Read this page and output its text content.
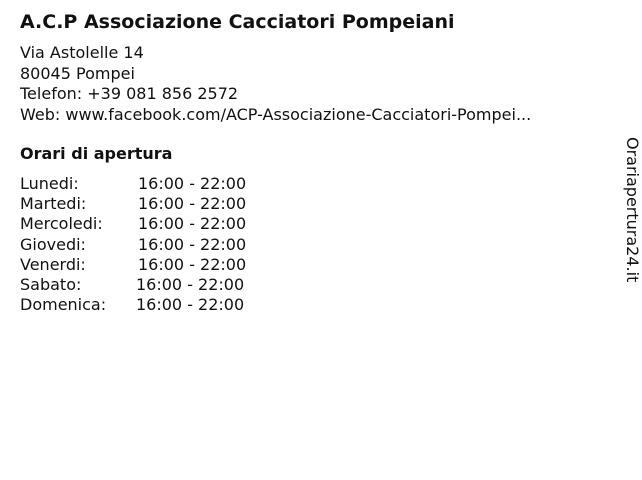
A.C.P Associazione Cacciatori Pompeiani
Via Astolelle 14
80045 Pompei
Telefon: +39 081 856 2572
Web: www.facebook.com/ACP-Associazione-Cacciatori-Pompei...
Orari di apertura
Lunedi:	16:00 - 22:00
Martedi:	16:00 - 22:00
Mercoledi: 16:00 - 22:00
Giovedi:	16:00 - 22:00
Venerdi:	16:00 - 22:00
Sabato:	16:00 - 22:00
Domenica: 16:00 - 22:00
Orariapertura24.it
